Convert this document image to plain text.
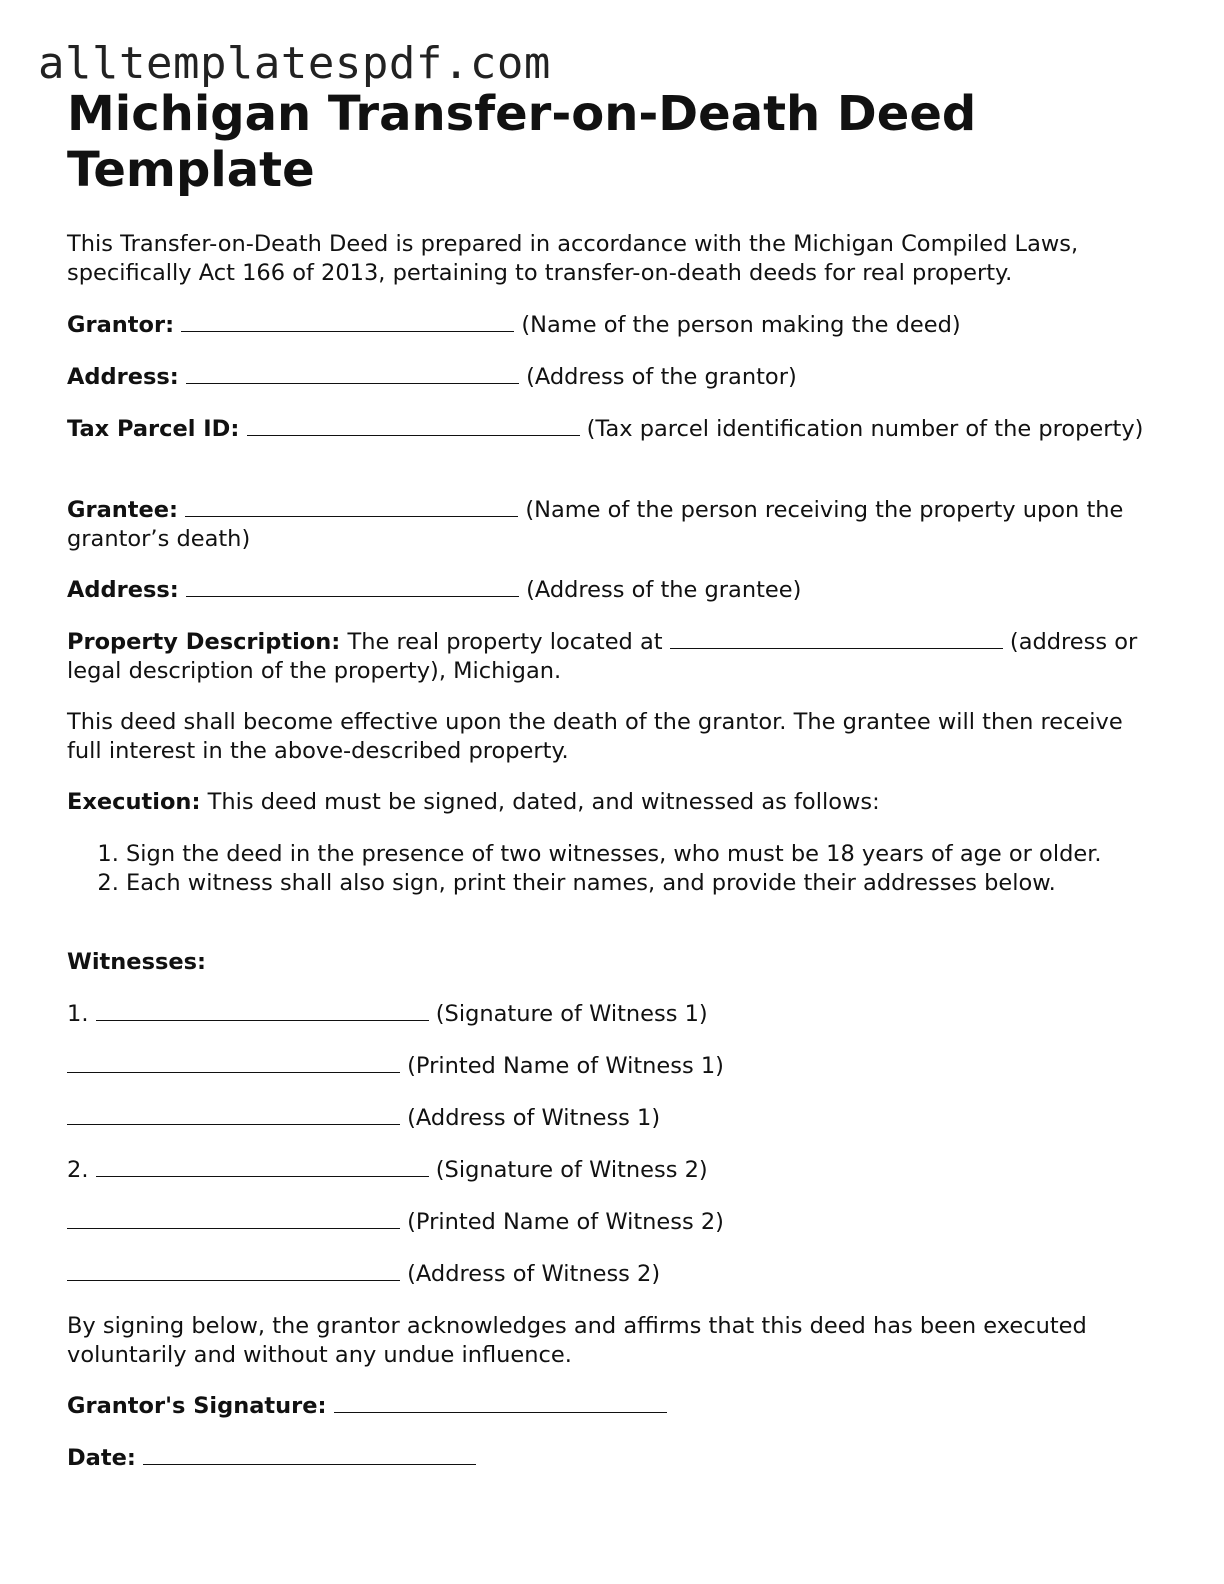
alltemplatespdf.com
Michigan Transfer-on-Death Deed Template

This Transfer-on-Death Deed is prepared in accordance with the Michigan Compiled Laws, specifically Act 166 of 2013, pertaining to transfer-on-death deeds for real property.

Grantor:	(Name of the person making the deed)

Address:	(Address of the grantor)

Tax Parcel ID:	(Tax parcel identification number of the property)

Grantee:	(Name of the person receiving the property upon the grantor’s death)

Address:	(Address of the grantee)

Property Description: The real property located at	(address or legal description of the property), Michigan.

This deed shall become effective upon the death of the grantor. The grantee will then receive full interest in the above-described property.

Execution: This deed must be signed, dated, and witnessed as follows:

1. Sign the deed in the presence of two witnesses, who must be 18 years of age or older.
2. Each witness shall also sign, print their names, and provide their addresses below.
Witnesses:
1.	(Signature of Witness 1)
(Printed Name of Witness 1)
(Address of Witness 1)
2.	(Signature of Witness 2)
(Printed Name of Witness 2)
(Address of Witness 2)

By signing below, the grantor acknowledges and affirms that this deed has been executed voluntarily and without any undue influence.

Grantor's Signature:
Date:
